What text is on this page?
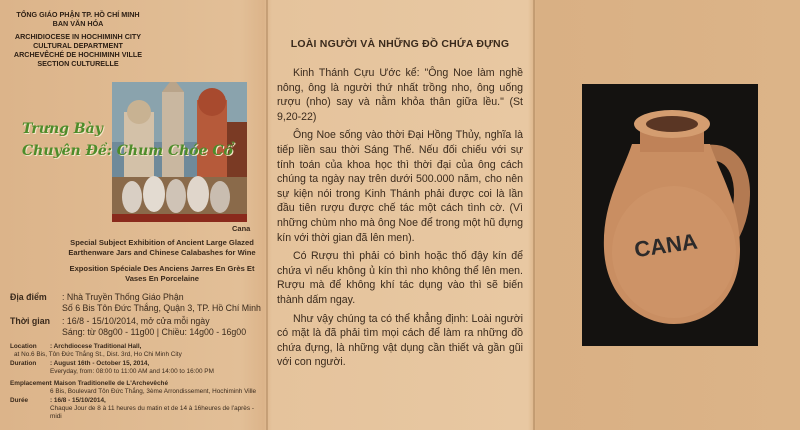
TỔNG GIÁO PHẬN TP. HỒ CHÍ MINH
BAN VĂN HÓA
ARCHIDIOCESE IN HOCHIMINH CITY
CULTURAL DEPARTMENT
ARCHEVÊCHÉ DE HOCHIMINH VILLE
SECTION CULTURELLE
Trưng Bày
Chuyên Đề: Chum Chóe Cổ
Cana
Special Subject Exhibition of Ancient Large Glazed Earthenware Jars and Chinese Calabashes for Wine
Exposition Spéciale Des Anciens Jarres En Grès Et Vases En Porcelaine
Địa điểm : Nhà Truyền Thống Giáo Phận
Số 6 Bis Tôn Đức Thắng, Quận 3, TP. Hồ Chí Minh
Thời gian : 16/8 - 15/10/2014, mở cửa mỗi ngày
Sáng: từ 08g00 - 11g00 | Chiều: 14g00 - 16g00
Location : Archdiocese Traditional Hall,
at No.6 Bis, Tôn Đức Thắng St., Dist. 3rd, Ho Chi Minh City
Duration : August 16th - October 15, 2014,
Everyday, from: 08:00 to 11:00 AM and 14:00 to 16:00 PM
Emplacement: Maison Traditionelle de L'Archevêché
6 Bis, Boulevard Tôn Đức Thắng, 3ème Arrondissement, Hochiminh Ville
Durée	: 16/8 - 15/10/2014,
Chaque Jour de 8 à 11 heures du matin et de 14 à 16heures de l'après - midi
LOÀI NGƯỜI VÀ NHỮNG ĐỒ CHỨA ĐỰNG

Kinh Thánh Cựu Ước kể: "Ông Noe làm nghề nông, ông là người thứ nhất trồng nho, ông uống rượu (nho) say và nằm khỏa thân giữa lều." (St 9,20-22)

Ông Noe sống vào thời Đại Hồng Thủy, nghĩa là tiếp liền sau thời Sáng Thế. Nếu đối chiếu với sự tính toán của khoa học thì thời đại của ông cách chúng ta ngày nay trên dưới 500.000 năm, cho nên sự kiện nói trong Kinh Thánh phải được coi là lần đầu tiên rượu được chế tác một cách tình cờ. (Vì những chùm nho mà ông Noe để trong một hũ đựng kín với thời gian đã lên men).

Có Rượu thì phải có bình hoặc thố đậy kín để chứa vì nếu không ủ kín thì nho không thể lên men. Rượu mà để không khí tác dụng vào thì sẽ biến thành dấm ngay.

Như vậy chúng ta có thể khẳng định: Loài người có mặt là đã phải tìm mọi cách để làm ra những đồ chứa đựng, là những vật dụng cần thiết và gần gũi với con người.

CANA
